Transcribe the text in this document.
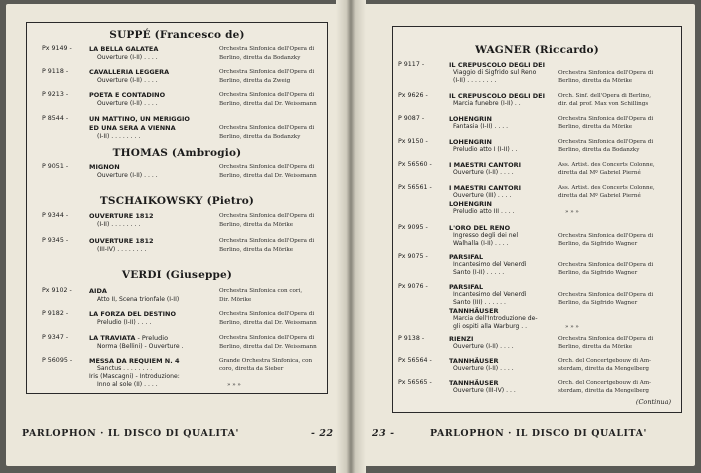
SUPPÉ (Francesco de)
Px 9149 -	LA BELLA GALATEA
Ouverture (I-II) . . . .
Orchestra Sinfonica dell'Opera di
Berlino, diretta da Bodanzky
P 9118 -	CAVALLERIA LEGGERA
Ouverture (I-II) . . . .
Orchestra Sinfonica dell'Opera di
Berlino, diretta da Zweig
P 9213 -	POETA E CONTADINO
Ouverture (I-II) . . . .
Orchestra Sinfonica dell'Opera di
Berlino, diretta dal Dr. Weissmann
P 8544 -	UN MATTINO, UN MERIGGIO
ED UNA SERA A VIENNA
(I-II) . . . . . . . .
Orchestra Sinfonica dell'Opera di
Berlino, diretta da Bodanzky
THOMAS (Ambrogio)
P 9051 -	MIGNON
Ouverture (I-II) . . . .
Orchestra Sinfonica dell'Opera di
Berlino, diretta dal Dr. Weissmann
TSCHAIKOWSKY (Pietro)
P 9344 -	OUVERTURE 1812
(I-II) . . . . . . . .
Orchestra Sinfonica dell'Opera di
Berlino, diretta da Mörike
P 9345 -	OUVERTURE 1812
(III-IV) . . . . . . . .
Orchestra Sinfonica dell'Opera di
Berlino, diretta da Mörike
VERDI (Giuseppe)
Px 9102 -	AIDA
Atto II, Scena trionfale (I-II)
Orchestra Sinfonica con cori,
Dir. Mörike
P 9182 -	LA FORZA DEL DESTINO
Preludio (I-II) . . . .
Orchestra Sinfonica dell'Opera di
Berlino, diretta dal Dr. Weissmann
P 9347 -	LA TRAVIATA - Preludio
Norma (Bellini) - Ouverture .
Orchestra Sinfonica dell'Opera di
Berlino, diretta dal Dr. Weissmann
P 56095 -	MESSA DA REQUIEM N. 4
Sanctus . . . . . . . .
Iris (Mascagni) - Introduzione:
Inno al sole (II) . . . .
Grande Orchestra Sinfonica, con
coro, diretta da Sieber
» » »
PARLOPHON · IL DISCO DI QUALITA'	- 22
WAGNER (Riccardo)
P 9117 -	IL CREPUSCOLO DEGLI DEI
Viaggio di Sigfrido sul Reno
(I-II) . . . . . . . .
Orchestra Sinfonica dell'Opera di
Berlino, diretta da Mörike
Px 9626 -	IL CREPUSCOLO DEGLI DEI
Marcia funebre (I-II) . .
Orch. Sinf. dell'Opera di Berlino,
dir. dal prof. Max von Schillings
P 9087 -	LOHENGRIN
Fantasia (I-II) . . . .
Orchestra Sinfonica dell'Opera di
Berlino, diretta da Mörike
Px 9150 -	LOHENGRIN
Preludio atto I (I-II) . .
Orchestra Sinfonica dell'Opera di
Berlino, diretta da Bodanzky
Px 56560 -	I MAESTRI CANTORI
Ouverture (I-II) . . . .
Ass. Artist. des Concerts Colonne,
diretta dal Mº Gabriel Pierné
Px 56561 -	I MAESTRI CANTORI
Ouverture (III) . . . .
LOHENGRIN
Preludio atto III . . . .
Ass. Artist. des Concerts Colonne,
diretta dal Mº Gabriel Pierné
» » »
Px 9095 -	L'ORO DEL RENO
Ingresso degli dei nel
Walhalla (I-II) . . . .
Orchestra Sinfonica dell'Opera di
Berlino, da Sigfrido Wagner
Px 9075 -	PARSIFAL
Incantesimo del Venerdì
Santo (I-II) . . . . .
Orchestra Sinfonica dell'Opera di
Berlino, da Sigfrido Wagner
Px 9076 -	PARSIFAL
Incantesimo del Venerdì
Santo (III) . . . . . .
TANNHÄUSER
Marcia dell'Introduzione de-
gli ospiti alla Warburg . .
Orchestra Sinfonica dell'Opera di
Berlino, da Sigfrido Wagner
» » »
P 9138 -	RIENZI
Ouverture (I-II) . . . .
Orchestra Sinfonica dell'Opera di
Berlino, diretta da Mörike
Px 56564 -	TANNHÄUSER
Ouverture (I-II) . . . .
Orch. del Concertgebouw di Am-
sterdam, diretta da Mengelberg
Px 56565 -	TANNHÄUSER
Ouverture (III-IV) . . .
Orch. del Concertgebouw di Am-
sterdam, diretta da Mengelberg
(Continua)
23 -	PARLOPHON · IL DISCO DI QUALITA'
